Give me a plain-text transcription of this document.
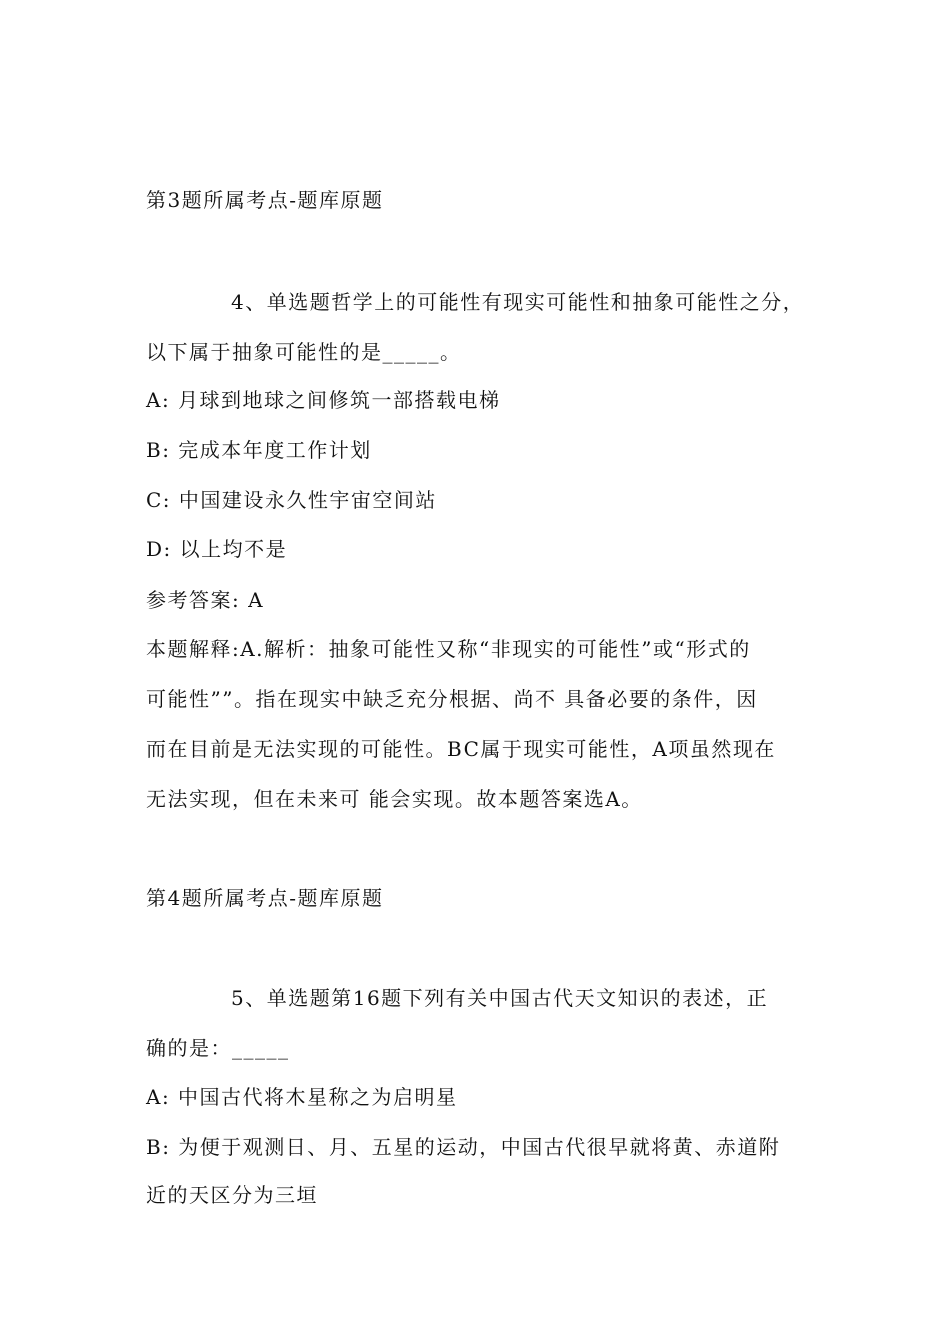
第3题所属考点-题库原题
4、单选题哲学上的可能性有现实可能性和抽象可能性之分，
以下属于抽象可能性的是_____。
A: 月球到地球之间修筑一部搭载电梯
B: 完成本年度工作计划
C: 中国建设永久性宇宙空间站
D: 以上均不是
参考答案: A
本题解释:A.解析：抽象可能性又称“非现实的可能性”或“形式的
可能性””。指在现实中缺乏充分根据、尚不 具备必要的条件，因
而在目前是无法实现的可能性。BC属于现实可能性，A项虽然现在
无法实现，但在未来可 能会实现。故本题答案选A。
第4题所属考点-题库原题
5、单选题第16题下列有关中国古代天文知识的表述，正
确的是：_____
A: 中国古代将木星称之为启明星
B: 为便于观测日、月、五星的运动，中国古代很早就将黄、赤道附
近的天区分为三垣
